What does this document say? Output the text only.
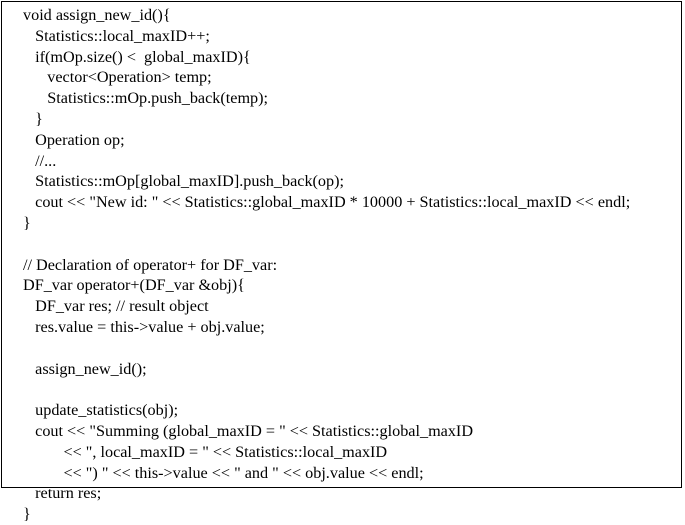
void assign_new_id(){
Statistics::local_maxID++;
if(mOp.size() <  global_maxID){
vector<Operation> temp;
Statistics::mOp.push_back(temp);
}
Operation op;
//...
Statistics::mOp[global_maxID].push_back(op);
cout << "New id: " << Statistics::global_maxID * 10000 + Statistics::local_maxID << endl;
}
// Declaration of operator+ for DF_var:
DF_var operator+(DF_var &obj){
DF_var res; // result object
res.value = this->value + obj.value;
assign_new_id();
update_statistics(obj);
cout << "Summing (global_maxID = " << Statistics::global_maxID
<< ", local_maxID = " << Statistics::local_maxID
<< ") " << this->value << " and " << obj.value << endl;
return res;
}
